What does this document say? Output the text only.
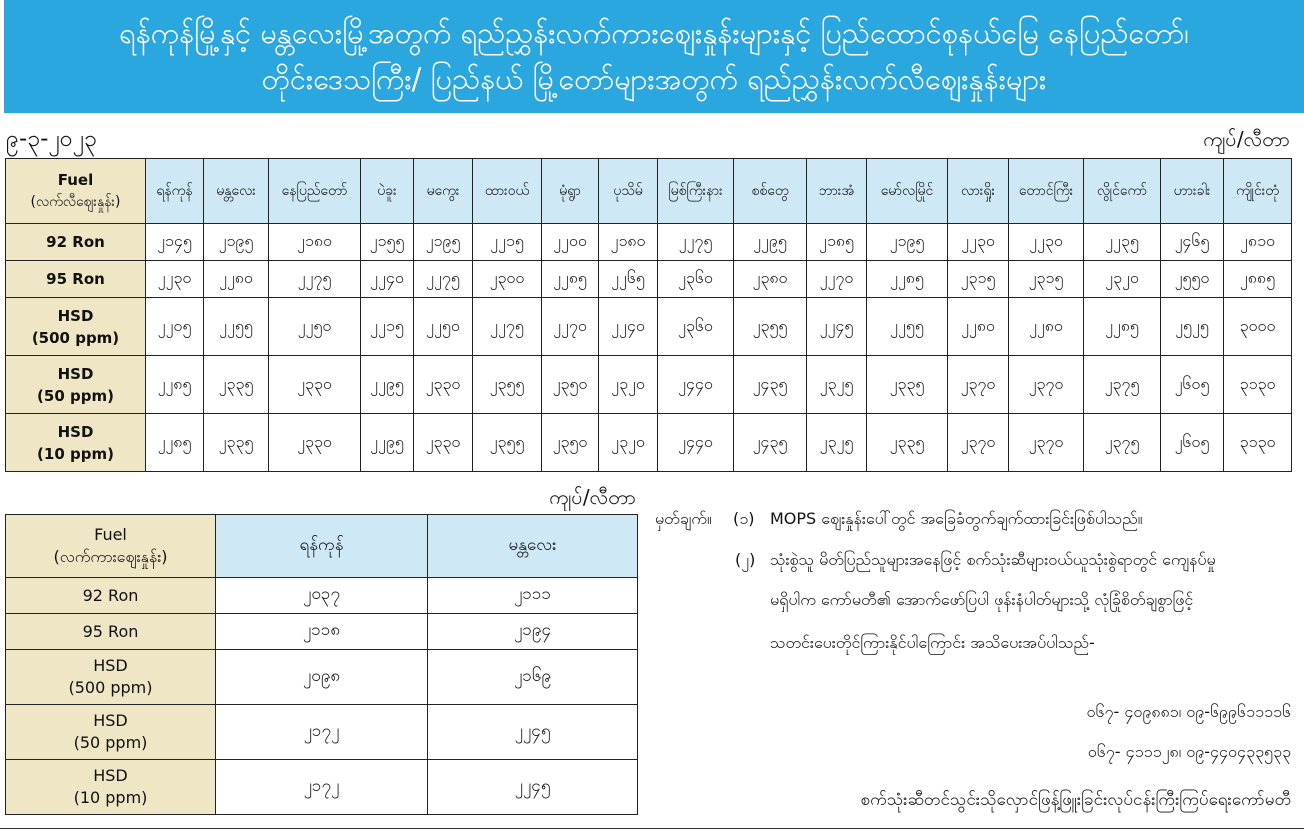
ရန်ကုန်မြို့နှင့် မန္တလေးမြို့အတွက် ရည်ညွှန်းလက်ကားဈေးနှုန်းများနှင့် ပြည်ထောင်စုနယ်မြေ နေပြည်တော်၊
တိုင်းဒေသကြီး/ ပြည်နယ် မြို့တော်များအတွက် ရည်ညွှန်းလက်လီဈေးနှုန်းများ
၉-၃-၂၀၂၃	ကျပ်/လီတာ
Fuel
(လက်လီဈေးနှုန်း)	ရန်ကုန်	မန္တလေး	နေပြည်တော်	ပဲခူး	မကွေး	ထားဝယ်	မုံရွာ	ပုသိမ်	မြစ်ကြီးနား	စစ်တွေ	ဘားအံ	မော်လမြိုင်	လားရှိုး	တောင်ကြီး	လွိုင်ကော်	ဟားခါး	ကျိုင်းတုံ

92 Ron	၂၁၄၅	၂၁၉၅	၂၁၈၀	၂၁၅၅	၂၁၉၅	၂၂၁၅	၂၂၀၀	၂၁၈၀	၂၂၇၅	၂၂၉၅	၂၁၈၅	၂၁၉၅	၂၂၃၀	၂၂၃၀	၂၂၃၅	၂၄၆၅	၂၈၁၀

95 Ron	၂၂၃၀	၂၂၈၀	၂၂၇၅	၂၂၄၀	၂၂၇၅	၂၃၀၀	၂၂၈၅	၂၂၆၅	၂၃၆၀	၂၃၈၀	၂၂၇၀	၂၂၈၅	၂၃၁၅	၂၃၁၅	၂၃၂၀	၂၅၅၀	၂၈၈၅

HSD
(500 ppm)	၂၂၀၅	၂၂၅၅	၂၂၅၀	၂၂၁၅	၂၂၅၀	၂၂၇၅	၂၂၇၀	၂၂၄၀	၂၃၆၀	၂၃၅၅	၂၂၄၅	၂၂၅၅	၂၂၈၀	၂၂၈၀	၂၂၈၅	၂၅၂၅	၃၀၀၀

HSD
(50 ppm)	၂၂၈၅	၂၃၃၅	၂၃၃၀	၂၂၉၅	၂၃၃၀	၂၃၅၅	၂၃၅၀	၂၃၂၀	၂၄၄၀	၂၄၃၅	၂၃၂၅	၂၃၃၅	၂၃၇၀	၂၃၇၀	၂၃၇၅	၂၆၀၅	၃၁၃၀

HSD
(10 ppm)	၂၂၈၅	၂၃၃၅	၂၃၃၀	၂၂၉၅	၂၃၃၀	၂၃၅၅	၂၃၅၀	၂၃၂၀	၂၄၄၀	၂၄၃၅	၂၃၂၅	၂၃၃၅	၂၃၇၀	၂၃၇၀	၂၃၇၅	၂၆၀၅	၃၁၃၀
ကျပ်/လီတာ
Fuel
(လက်ကားဈေးနှုန်း)	ရန်ကုန်	မန္တလေး

92 Ron	၂၀၃၇	၂၁၁၁

95 Ron	၂၁၁၈	၂၁၉၄

HSD
(500 ppm)	၂၀၉၈	၂၁၆၉

HSD
(50 ppm)	၂၁၇၂	၂၂၄၅

HSD
(10 ppm)	၂၁၇၂	၂၂၄၅
မှတ်ချက်။ (၁) MOPS ဈေးနှုန်းပေါ်တွင် အခြေခံတွက်ချက်ထားခြင်းဖြစ်ပါသည်။
(၂) သုံးစွဲသူ မိတ်ပြည်သူများအနေဖြင့် စက်သုံးဆီများဝယ်ယူသုံးစွဲရာတွင် ကျေနပ်မှု
မရှိပါက ကော်မတီ၏ အောက်ဖော်ပြပါ ဖုန်းနံပါတ်များသို့ လုံခြုံစိတ်ချစွာဖြင့်
သတင်းပေးတိုင်ကြားနိုင်ပါကြောင်း အသိပေးအပ်ပါသည်-
၀၆၇- ၄၀၉၈၈၁၊ ၀၉-၆၉၉၆၁၁၁၁၆
၀၆၇- ၄၁၁၁၂၈၊ ၀၉-၄၄၀၄၃၃၅၃၃
စက်သုံးဆီတင်သွင်းသိုလှောင်ဖြန့်ဖြူးခြင်းလုပ်ငန်းကြီးကြပ်ရေးကော်မတီ
